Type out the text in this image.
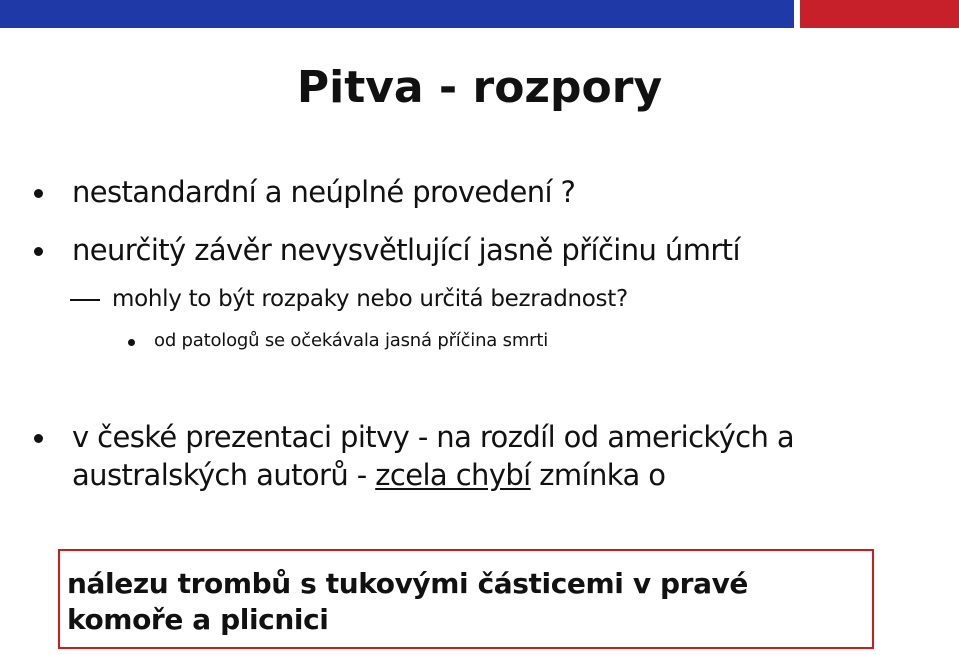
Pitva - rozpory
nestandardní a neúplné provedení ?
neurčitý závěr nevysvětlující jasně příčinu úmrtí
mohly to být rozpaky nebo určitá bezradnost?
od patologů se očekávala jasná příčina smrti
v české prezentaci pitvy - na rozdíl od amerických a australských autorů - zcela chybí zmínka o
nálezu trombů s tukovými částicemi v pravé komoře a plicnici
